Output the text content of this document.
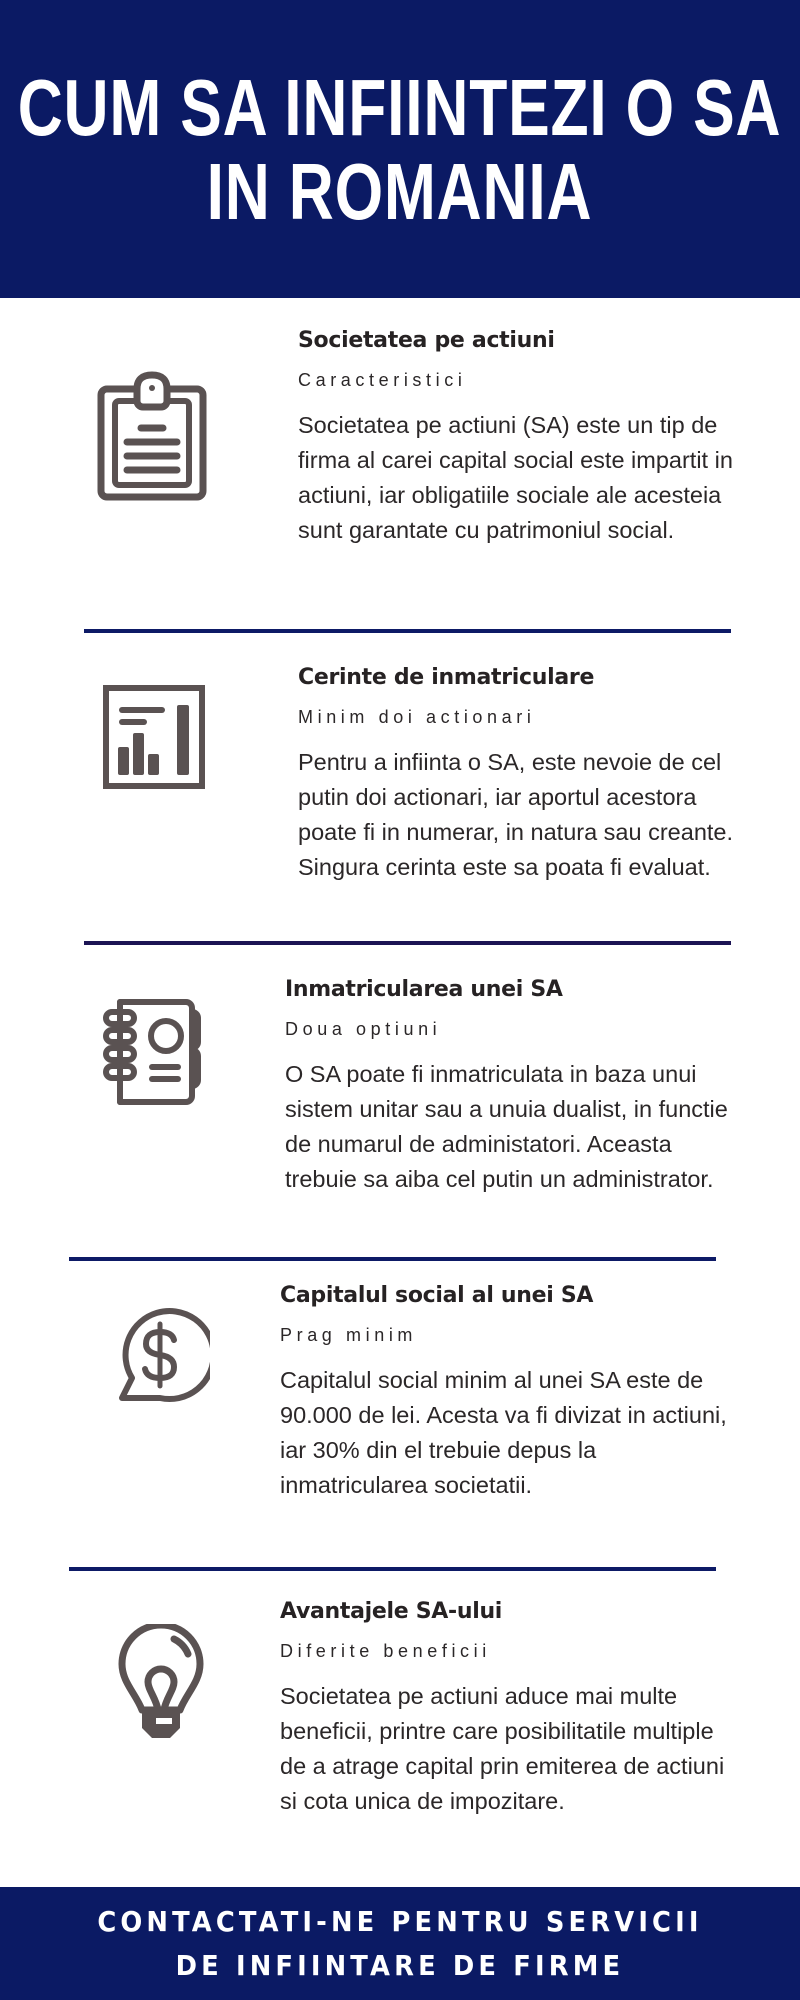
CUM SA INFIINTEZI O SA
IN ROMANIA
Societatea pe actiuni
Caracteristici
Societatea pe actiuni (SA) este un tip de firma al carei capital social este impartit in actiuni, iar obligatiile sociale ale acesteia sunt garantate cu patrimoniul social.
Cerinte de inmatriculare
Minim doi actionari
Pentru a infiinta o SA, este nevoie de cel putin doi actionari, iar aportul acestora poate fi in numerar, in natura sau creante. Singura cerinta este sa poata fi evaluat.
Inmatricularea unei SA
Doua optiuni
O SA poate fi inmatriculata in baza unui sistem unitar sau a unuia dualist, in functie de numarul de administatori. Aceasta trebuie sa aiba cel putin un administrator.
Capitalul social al unei SA
Prag minim
Capitalul social minim al unei SA este de 90.000 de lei. Acesta va fi divizat in actiuni, iar 30% din el trebuie depus la inmatricularea societatii.
Avantajele SA-ului
Diferite beneficii
Societatea pe actiuni aduce mai multe beneficii, printre care posibilitatile multiple de a atrage capital prin emiterea de actiuni si cota unica de impozitare.
CONTACTATI-NE PENTRU SERVICII
DE INFIINTARE DE FIRME
